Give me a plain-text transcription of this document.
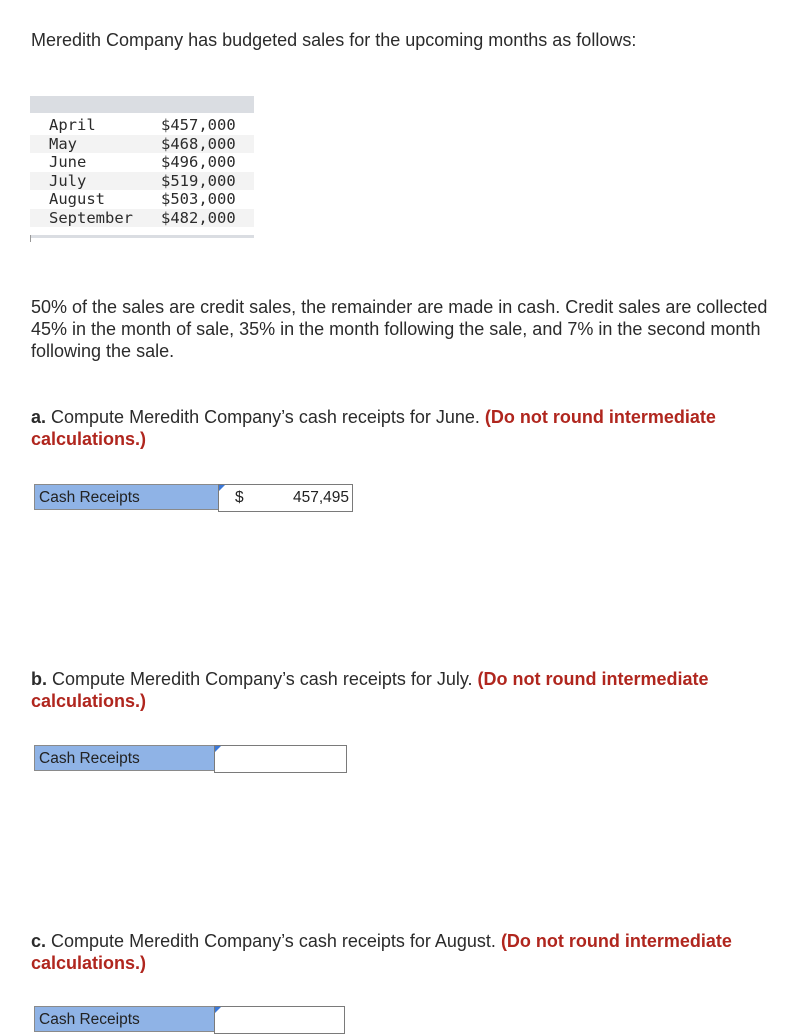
Meredith Company has budgeted sales for the upcoming months as follows:
April	$457,000
May	$468,000
June	$496,000
July	$519,000
August	$503,000
September $482,000
50% of the sales are credit sales, the remainder are made in cash. Credit sales are collected 45% in the month of sale, 35% in the month following the sale, and 7% in the second month following the sale.
a. Compute Meredith Company’s cash receipts for June. (Do not round intermediate calculations.)
Cash Receipts	$	457,495
b. Compute Meredith Company’s cash receipts for July. (Do not round intermediate calculations.)
Cash Receipts
c. Compute Meredith Company’s cash receipts for August. (Do not round intermediate calculations.)
Cash Receipts
